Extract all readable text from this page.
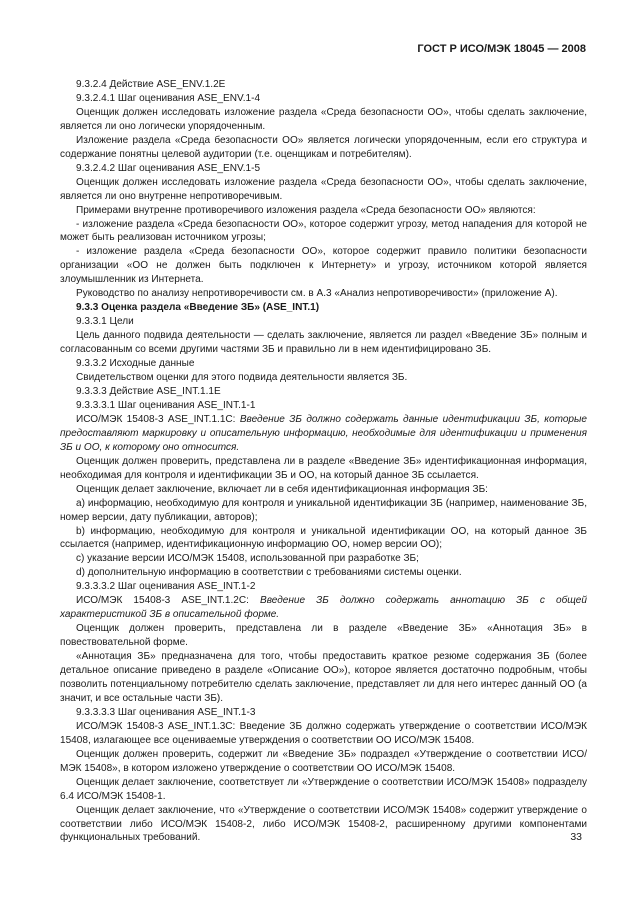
ГОСТ Р ИСО/МЭК 18045 — 2008

9.3.2.4 Действие ASE_ENV.1.2E

9.3.2.4.1 Шаг оценивания ASE_ENV.1-4

Оценщик должен исследовать изложение раздела «Среда безопасности ОО», чтобы сделать заключение, является ли оно логически упорядоченным.

Изложение раздела «Среда безопасности ОО» является логически упорядоченным, если его структура и содержание понятны целевой аудитории (т.е. оценщикам и потребителям).

9.3.2.4.2 Шаг оценивания ASE_ENV.1-5

Оценщик должен исследовать изложение раздела «Среда безопасности ОО», чтобы сделать заключение, является ли оно внутренне непротиворечивым.

Примерами внутренне противоречивого изложения раздела «Среда безопасности ОО» являются:

- изложение раздела «Среда безопасности ОО», которое содержит угрозу, метод нападения для которой не может быть реализован источником угрозы;

- изложение раздела «Среда безопасности ОО», которое содержит правило политики безопасности организации «ОО не должен быть подключен к Интернету» и угрозу, источником которой является злоумышленник из Интернета.

Руководство по анализу непротиворечивости см. в А.3 «Анализ непротиворечивости» (приложение А).

9.3.3 Оценка раздела «Введение ЗБ» (ASE_INT.1)

9.3.3.1 Цели

Цель данного подвида деятельности — сделать заключение, является ли раздел «Введение ЗБ» полным и согласованным со всеми другими частями ЗБ и правильно ли в нем идентифицировано ЗБ.

9.3.3.2 Исходные данные

Свидетельством оценки для этого подвида деятельности является ЗБ.

9.3.3.3 Действие ASE_INT.1.1E

9.3.3.3.1 Шаг оценивания ASE_INT.1-1

ИСО/МЭК 15408-3 ASE_INT.1.1C: Введение ЗБ должно содержать данные идентификации ЗБ, которые предоставляют маркировку и описательную информацию, необходимые для идентификации и применения ЗБ и ОО, к которому оно относится.

Оценщик должен проверить, представлена ли в разделе «Введение ЗБ» идентификационная информация, необходимая для контроля и идентификации ЗБ и ОО, на который данное ЗБ ссылается.

Оценщик делает заключение, включает ли в себя идентификационная информация ЗБ:

a) информацию, необходимую для контроля и уникальной идентификации ЗБ (например, наименование ЗБ, номер версии, дату публикации, авторов);

b) информацию, необходимую для контроля и уникальной идентификации ОО, на который данное ЗБ ссылается (например, идентификационную информацию ОО, номер версии ОО);

c) указание версии ИСО/МЭК 15408, использованной при разработке ЗБ;

d) дополнительную информацию в соответствии с требованиями системы оценки.

9.3.3.3.2 Шаг оценивания ASE_INT.1-2

ИСО/МЭК 15408-3 ASE_INT.1.2C: Введение ЗБ должно содержать аннотацию ЗБ с общей характеристикой ЗБ в описательной форме.

Оценщик должен проверить, представлена ли в разделе «Введение ЗБ» «Аннотация ЗБ» в повествовательной форме.

«Аннотация ЗБ» предназначена для того, чтобы предоставить краткое резюме содержания ЗБ (более детальное описание приведено в разделе «Описание ОО»), которое является достаточно подробным, чтобы позволить потенциальному потребителю сделать заключение, представляет ли для него интерес данный ОО (а значит, и все остальные части ЗБ).

9.3.3.3.3 Шаг оценивания ASE_INT.1-3

ИСО/МЭК 15408-3 ASE_INT.1.3C: Введение ЗБ должно содержать утверждение о соответствии ИСО/МЭК 15408, излагающее все оцениваемые утверждения о соответствии ОО ИСО/МЭК 15408.

Оценщик должен проверить, содержит ли «Введение ЗБ» подраздел «Утверждение о соответствии ИСО/МЭК 15408», в котором изложено утверждение о соответствии ОО ИСО/МЭК 15408.

Оценщик делает заключение, соответствует ли «Утверждение о соответствии ИСО/МЭК 15408» подразделу 6.4 ИСО/МЭК 15408-1.

Оценщик делает заключение, что «Утверждение о соответствии ИСО/МЭК 15408» содержит утверждение о соответствии либо ИСО/МЭК 15408-2, либо ИСО/МЭК 15408-2, расширенному другими компонентами функциональных требований.	33
